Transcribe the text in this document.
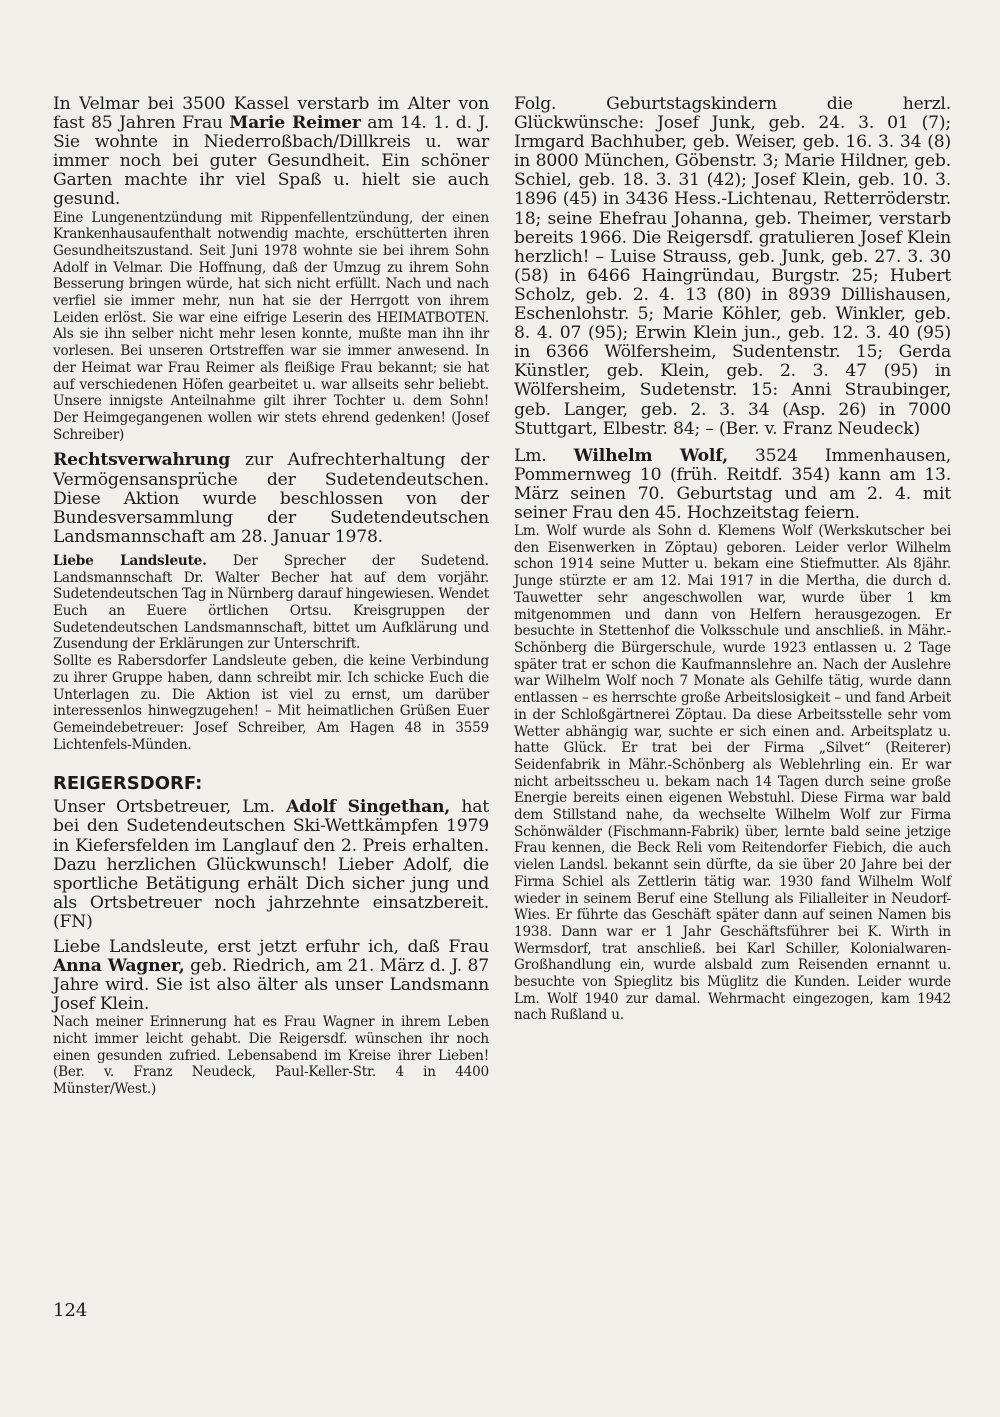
In Velmar bei 3500 Kassel verstarb im Alter von fast 85 Jahren Frau Marie Reimer am 14. 1. d. J. Sie wohnte in Niederroßbach/Dillkreis u. war immer noch bei guter Gesundheit. Ein schöner Garten machte ihr viel Spaß u. hielt sie auch gesund.

Eine Lungenentzündung mit Rippenfellentzündung, der einen Krankenhausaufenthalt notwendig machte, erschütterten ihren Gesundheitszustand. Seit Juni 1978 wohnte sie bei ihrem Sohn Adolf in Velmar. Die Hoffnung, daß der Umzug zu ihrem Sohn Besserung bringen würde, hat sich nicht erfüllt. Nach und nach verfiel sie immer mehr, nun hat sie der Herrgott von ihrem Leiden erlöst. Sie war eine eifrige Leserin des HEIMATBOTEN. Als sie ihn selber nicht mehr lesen konnte, mußte man ihn ihr vorlesen. Bei unseren Ortstreffen war sie immer anwesend. In der Heimat war Frau Reimer als fleißige Frau bekannt; sie hat auf verschiedenen Höfen gearbeitet u. war allseits sehr beliebt. Unsere innigste Anteilnahme gilt ihrer Tochter u. dem Sohn! Der Heimgegangenen wollen wir stets ehrend gedenken! (Josef Schreiber)

Rechtsverwahrung zur Aufrechterhaltung der Vermögensansprüche der Sudetendeutschen. Diese Aktion wurde beschlossen von der Bundesversammlung der Sudetendeutschen Landsmannschaft am 28. Januar 1978.

Liebe Landsleute. Der Sprecher der Sudetend. Landsmannschaft Dr. Walter Becher hat auf dem vorjähr. Sudetendeutschen Tag in Nürnberg darauf hingewiesen. Wendet Euch an Euere örtlichen Ortsu. Kreisgruppen der Sudetendeutschen Landsmannschaft, bittet um Aufklärung und Zusendung der Erklärungen zur Unterschrift.

Sollte es Rabersdorfer Landsleute geben, die keine Verbindung zu ihrer Gruppe haben, dann schreibt mir. Ich schicke Euch die Unterlagen zu. Die Aktion ist viel zu ernst, um darüber interessenlos hinwegzugehen! – Mit heimatlichen Grüßen Euer Gemeindebetreuer: Josef Schreiber, Am Hagen 48 in 3559 Lichtenfels-Münden.

REIGERSDORF:

Unser Ortsbetreuer, Lm. Adolf Singethan, hat bei den Sudetendeutschen Ski-Wettkämpfen 1979 in Kiefersfelden im Langlauf den 2. Preis erhalten. Dazu herzlichen Glückwunsch! Lieber Adolf, die sportliche Betätigung erhält Dich sicher jung und als Ortsbetreuer noch jahrzehnte einsatzbereit. (FN)

Liebe Landsleute, erst jetzt erfuhr ich, daß Frau Anna Wagner, geb. Riedrich, am 21. März d. J. 87 Jahre wird. Sie ist also älter als unser Landsmann Josef Klein.

Nach meiner Erinnerung hat es Frau Wagner in ihrem Leben nicht immer leicht gehabt. Die Reigersdf. wünschen ihr noch einen gesunden zufried. Lebensabend im Kreise ihrer Lieben! (Ber. v. Franz Neudeck, Paul-Keller-Str. 4 in 4400 Münster/West.)

Folg. Geburtstagskindern die herzl. Glückwünsche: Josef Junk, geb. 24. 3. 01 (7); Irmgard Bachhuber, geb. Weiser, geb. 16. 3. 34 (8) in 8000 München, Göbenstr. 3; Marie Hildner, geb. Schiel, geb. 18. 3. 31 (42); Josef Klein, geb. 10. 3. 1896 (45) in 3436 Hess.-Lichtenau, Retterröderstr. 18; seine Ehefrau Johanna, geb. Theimer, verstarb bereits 1966. Die Reigersdf. gratulieren Josef Klein herzlich! – Luise Strauss, geb. Junk, geb. 27. 3. 30 (58) in 6466 Haingründau, Burgstr. 25; Hubert Scholz, geb. 2. 4. 13 (80) in 8939 Dillishausen, Eschenlohstr. 5; Marie Köhler, geb. Winkler, geb. 8. 4. 07 (95); Erwin Klein jun., geb. 12. 3. 40 (95) in 6366 Wölfersheim, Sudentenstr. 15; Gerda Künstler, geb. Klein, geb. 2. 3. 47 (95) in Wölfersheim, Sudetenstr. 15: Anni Straubinger, geb. Langer, geb. 2. 3. 34 (Asp. 26) in 7000 Stuttgart, Elbestr. 84; – (Ber. v. Franz Neudeck)

Lm. Wilhelm Wolf, 3524 Immenhausen, Pommernweg 10 (früh. Reitdf. 354) kann am 13. März seinen 70. Geburtstag und am 2. 4. mit seiner Frau den 45. Hochzeitstag feiern.

Lm. Wolf wurde als Sohn d. Klemens Wolf (Werkskutscher bei den Eisenwerken in Zöptau) geboren. Leider verlor Wilhelm schon 1914 seine Mutter u. bekam eine Stiefmutter. Als 8jähr. Junge stürzte er am 12. Mai 1917 in die Mertha, die durch d. Tauwetter sehr angeschwollen war, wurde über 1 km mitgenommen und dann von Helfern herausgezogen. Er besuchte in Stettenhof die Volksschule und anschließ. in Mähr.-Schönberg die Bürgerschule, wurde 1923 entlassen u. 2 Tage später trat er schon die Kaufmannslehre an. Nach der Auslehre war Wilhelm Wolf noch 7 Monate als Gehilfe tätig, wurde dann entlassen – es herrschte große Arbeitslosigkeit – und fand Arbeit in der Schloßgärtnerei Zöptau. Da diese Arbeitsstelle sehr vom Wetter abhängig war, suchte er sich einen and. Arbeitsplatz u. hatte Glück. Er trat bei der Firma „Silvet“ (Reiterer) Seidenfabrik in Mähr.-Schönberg als Weblehrling ein. Er war nicht arbeitsscheu u. bekam nach 14 Tagen durch seine große Energie bereits einen eigenen Webstuhl. Diese Firma war bald dem Stillstand nahe, da wechselte Wilhelm Wolf zur Firma Schönwälder (Fischmann-Fabrik) über, lernte bald seine jetzige Frau kennen, die Beck Reli vom Reitendorfer Fiebich, die auch vielen Landsl. bekannt sein dürfte, da sie über 20 Jahre bei der Firma Schiel als Zettlerin tätig war. 1930 fand Wilhelm Wolf wieder in seinem Beruf eine Stellung als Filialleiter in Neudorf-Wies. Er führte das Geschäft später dann auf seinen Namen bis 1938. Dann war er 1 Jahr Geschäftsführer bei K. Wirth in Wermsdorf, trat anschließ. bei Karl Schiller, Kolonialwaren-Großhandlung ein, wurde alsbald zum Reisenden ernannt u. besuchte von Spieglitz bis Müglitz die Kunden. Leider wurde Lm. Wolf 1940 zur damal. Wehrmacht eingezogen, kam 1942 nach Rußland u.

124
